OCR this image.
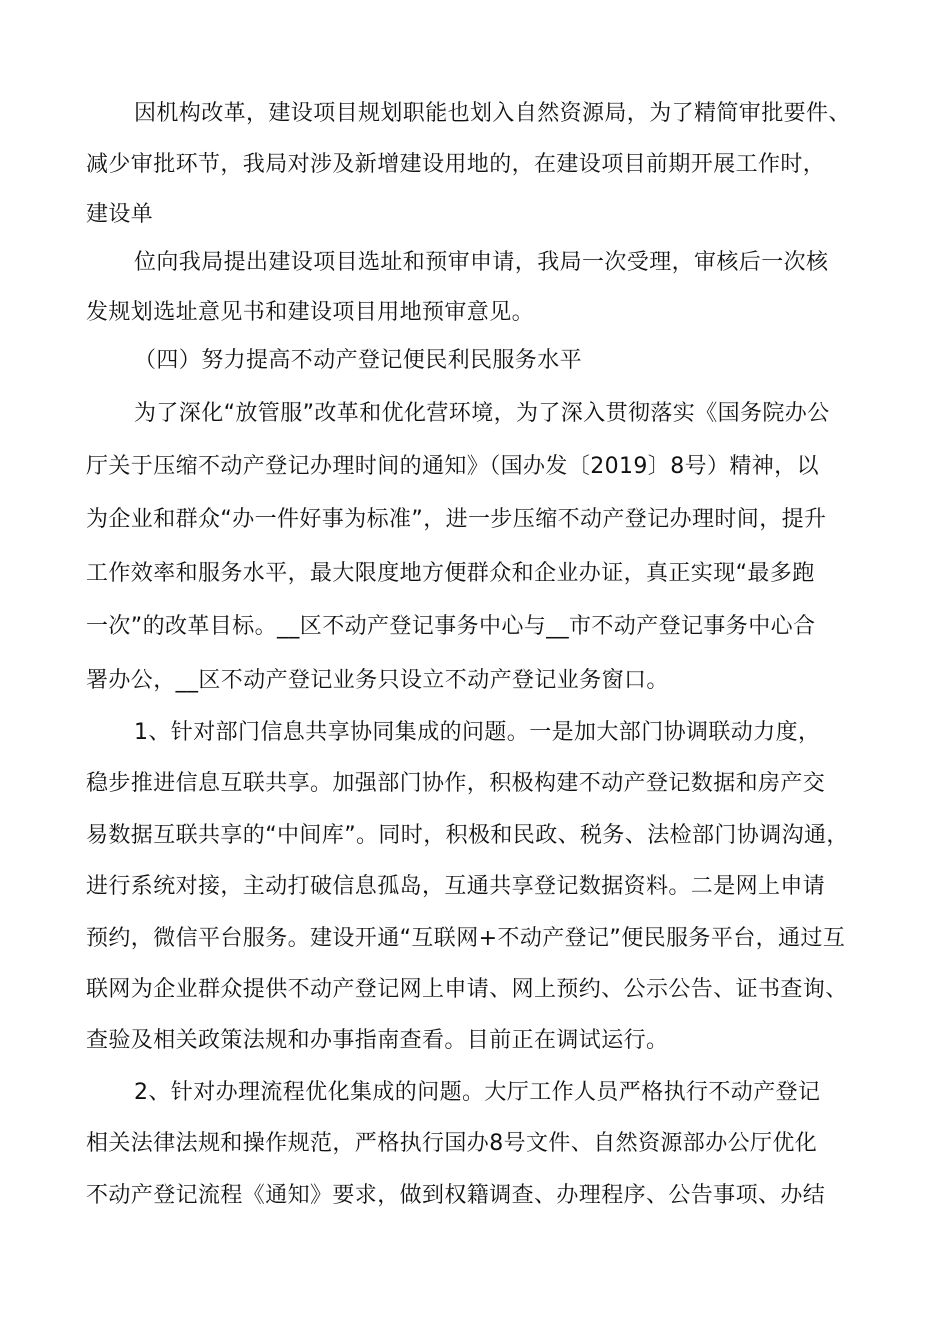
因机构改革，建设项目规划职能也划入自然资源局，为了精简审批要件、
减少审批环节，我局对涉及新增建设用地的，在建设项目前期开展工作时，
建设单
位向我局提出建设项目选址和预审申请，我局一次受理，审核后一次核
发规划选址意见书和建设项目用地预审意见。
（四）努力提高不动产登记便民利民服务水平
为了深化“放管服”改革和优化营环境，为了深入贯彻落实《国务院办公
厅关于压缩不动产登记办理时间的通知》（国办发〔2019〕8号）精神，以
为企业和群众“办一件好事为标准”，进一步压缩不动产登记办理时间，提升
工作效率和服务水平，最大限度地方便群众和企业办证，真正实现“最多跑
一次”的改革目标。__区不动产登记事务中心与__市不动产登记事务中心合
署办公，__区不动产登记业务只设立不动产登记业务窗口。
1、针对部门信息共享协同集成的问题。一是加大部门协调联动力度，
稳步推进信息互联共享。加强部门协作，积极构建不动产登记数据和房产交
易数据互联共享的“中间库”。同时，积极和民政、税务、法检部门协调沟通，
进行系统对接，主动打破信息孤岛，互通共享登记数据资料。二是网上申请
预约，微信平台服务。建设开通“互联网+不动产登记”便民服务平台，通过互
联网为企业群众提供不动产登记网上申请、网上预约、公示公告、证书查询、
查验及相关政策法规和办事指南查看。目前正在调试运行。
2、针对办理流程优化集成的问题。大厅工作人员严格执行不动产登记
相关法律法规和操作规范，严格执行国办8号文件、自然资源部办公厅优化
不动产登记流程《通知》要求，做到权籍调查、办理程序、公告事项、办结
